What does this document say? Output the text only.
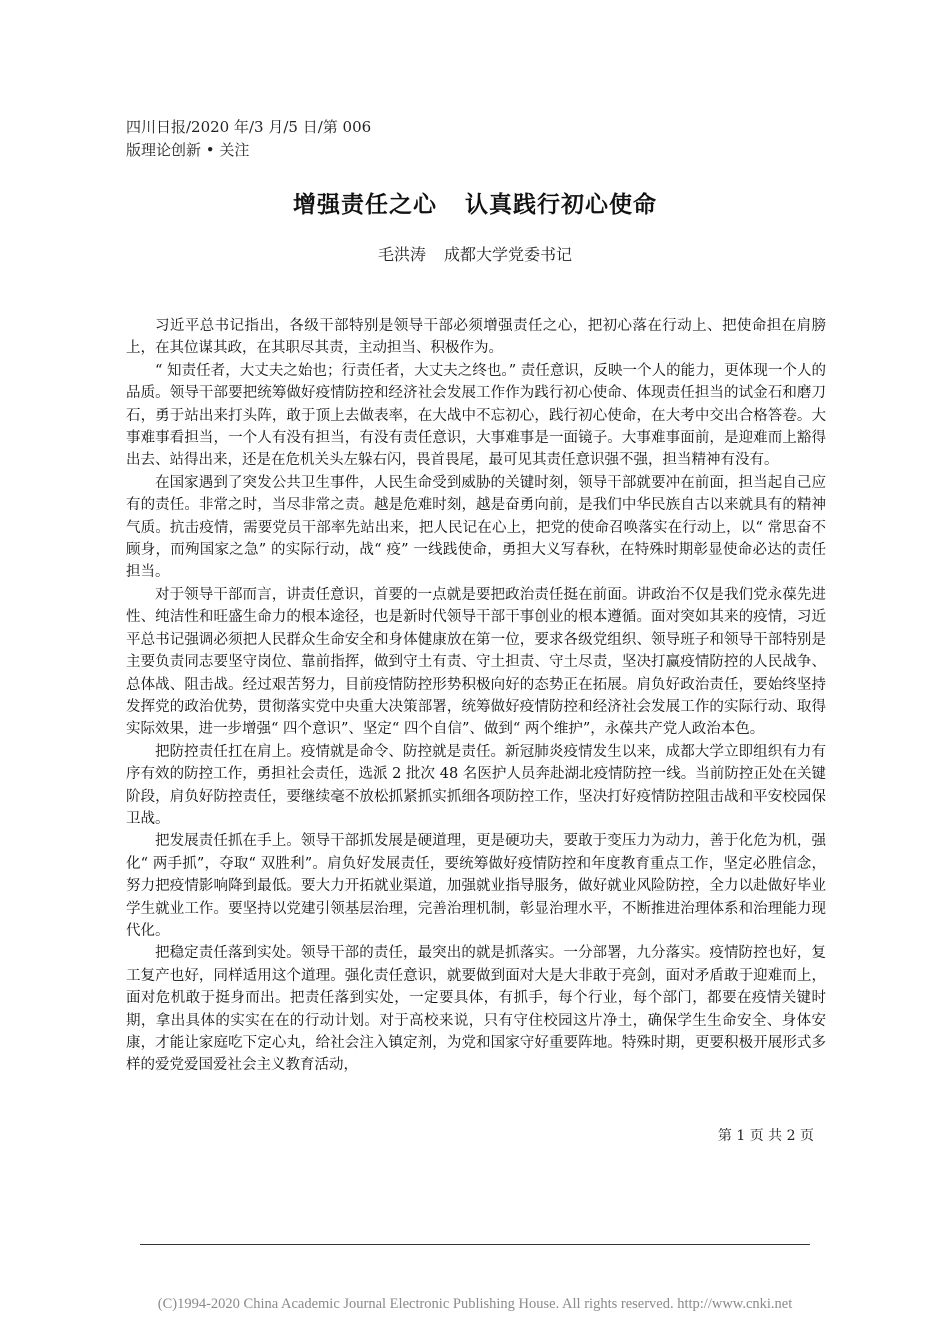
四川日报/2020 年/3 月/5 日/第 006
版理论创新 • 关注
增强责任之心 认真践行初心使命
毛洪涛 成都大学党委书记

习近平总书记指出，各级干部特别是领导干部必须增强责任之心，把初心落在行动上、把使命担在肩膀上，在其位谋其政，在其职尽其责，主动担当、积极作为。

“ 知责任者，大丈夫之始也；行责任者，大丈夫之终也。” 责任意识，反映一个人的能力，更体现一个人的品质。领导干部要把统筹做好疫情防控和经济社会发展工作作为践行初心使命、体现责任担当的试金石和磨刀石，勇于站出来打头阵，敢于顶上去做表率，在大战中不忘初心，践行初心使命，在大考中交出合格答卷。大事难事看担当，一个人有没有担当，有没有责任意识，大事难事是一面镜子。大事难事面前，是迎难而上豁得出去、站得出来，还是在危机关头左躲右闪，畏首畏尾，最可见其责任意识强不强，担当精神有没有。

在国家遇到了突发公共卫生事件，人民生命受到威胁的关键时刻，领导干部就要冲在前面，担当起自己应有的责任。非常之时，当尽非常之责。越是危难时刻，越是奋勇向前，是我们中华民族自古以来就具有的精神气质。抗击疫情，需要党员干部率先站出来，把人民记在心上，把党的使命召唤落实在行动上，以“ 常思奋不顾身，而殉国家之急” 的实际行动，战“ 疫” 一线践使命，勇担大义写春秋，在特殊时期彰显使命必达的责任担当。

对于领导干部而言，讲责任意识，首要的一点就是要把政治责任挺在前面。讲政治不仅是我们党永葆先进性、纯洁性和旺盛生命力的根本途径，也是新时代领导干部干事创业的根本遵循。面对突如其来的疫情，习近平总书记强调必须把人民群众生命安全和身体健康放在第一位，要求各级党组织、领导班子和领导干部特别是主要负责同志要坚守岗位、靠前指挥，做到守土有责、守土担责、守土尽责，坚决打赢疫情防控的人民战争、总体战、阻击战。经过艰苦努力，目前疫情防控形势积极向好的态势正在拓展。肩负好政治责任，要始终坚持发挥党的政治优势，贯彻落实党中央重大决策部署，统筹做好疫情防控和经济社会发展工作的实际行动、取得实际效果，进一步增强“ 四个意识”、坚定“ 四个自信”、做到“ 两个维护”，永葆共产党人政治本色。

把防控责任扛在肩上。疫情就是命令、防控就是责任。新冠肺炎疫情发生以来，成都大学立即组织有力有序有效的防控工作，勇担社会责任，选派 2 批次 48 名医护人员奔赴湖北疫情防控一线。当前防控正处在关键阶段，肩负好防控责任，要继续毫不放松抓紧抓实抓细各项防控工作，坚决打好疫情防控阻击战和平安校园保卫战。

把发展责任抓在手上。领导干部抓发展是硬道理，更是硬功夫，要敢于变压力为动力，善于化危为机，强化“ 两手抓”，夺取“ 双胜利”。肩负好发展责任，要统筹做好疫情防控和年度教育重点工作，坚定必胜信念，努力把疫情影响降到最低。要大力开拓就业渠道，加强就业指导服务，做好就业风险防控，全力以赴做好毕业学生就业工作。要坚持以党建引领基层治理，完善治理机制，彰显治理水平，不断推进治理体系和治理能力现代化。

把稳定责任落到实处。领导干部的责任，最突出的就是抓落实。一分部署，九分落实。疫情防控也好，复工复产也好，同样适用这个道理。强化责任意识，就要做到面对大是大非敢于亮剑，面对矛盾敢于迎难而上，面对危机敢于挺身而出。把责任落到实处，一定要具体，有抓手，每个行业，每个部门，都要在疫情关键时期，拿出具体的实实在在的行动计划。对于高校来说，只有守住校园这片净土，确保学生生命安全、身体安康，才能让家庭吃下定心丸，给社会注入镇定剂，为党和国家守好重要阵地。特殊时期，更要积极开展形式多样的爱党爱国爱社会主义教育活动，

第 1 页 共 2 页
(C)1994-2020 China Academic Journal Electronic Publishing House. All rights reserved. http://www.cnki.net
